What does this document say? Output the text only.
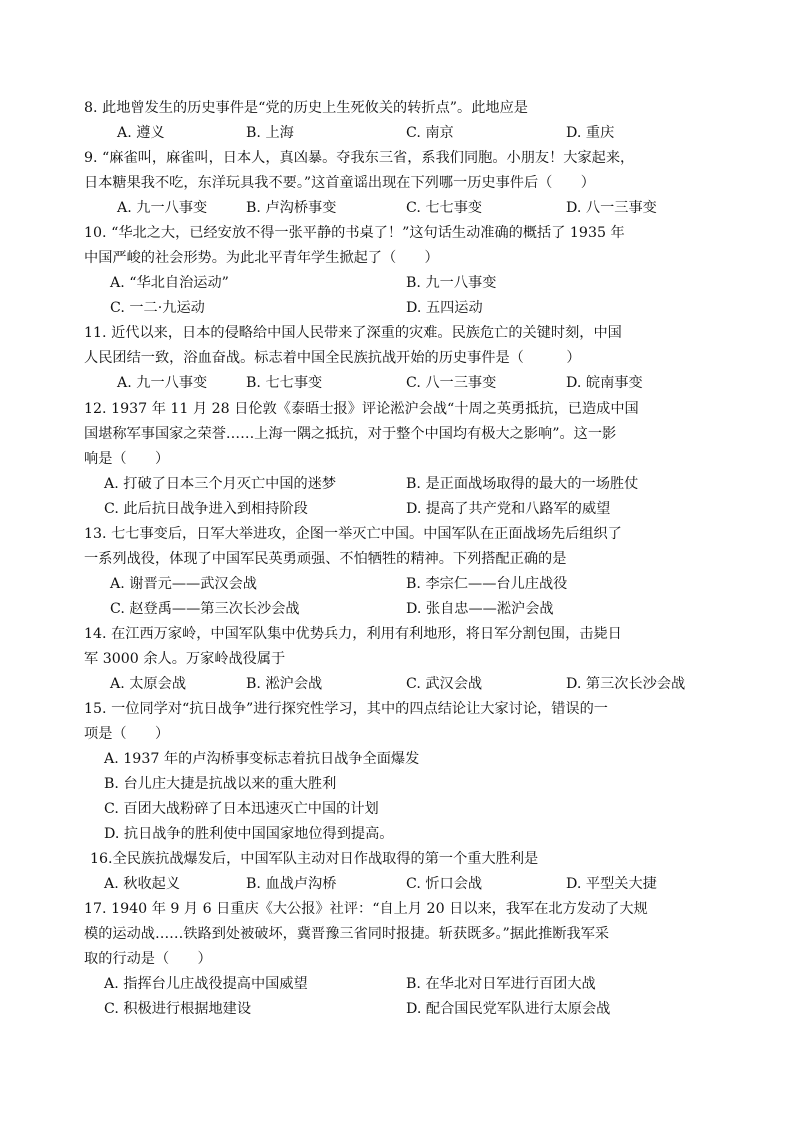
8. 此地曾发生的历史事件是“党的历史上生死攸关的转折点”。此地应是
A. 遵义	B. 上海	C. 南京	D. 重庆
9. “麻雀叫，麻雀叫，日本人，真凶暴。夺我东三省，系我们同胞。小朋友！大家起来，
日本糖果我不吃，东洋玩具我不要。”这首童谣出现在下列哪一历史事件后（　　）
A. 九一八事变	B. 卢沟桥事变	C. 七七事变	D. 八一三事变
10. “华北之大，已经安放不得一张平静的书桌了！”这句话生动准确的概括了 1935 年
中国严峻的社会形势。为此北平青年学生掀起了（　　）
A. “华北自治运动”	B. 九一八事变
C. 一二·九运动	D. 五四运动
11. 近代以来，日本的侵略给中国人民带来了深重的灾难。民族危亡的关键时刻，中国
人民团结一致，浴血奋战。标志着中国全民族抗战开始的历史事件是（　　　）
A. 九一八事变	B. 七七事变	C. 八一三事变	D. 皖南事变
12. 1937 年 11 月 28 日伦敦《泰晤士报》评论淞沪会战“十周之英勇抵抗，已造成中国
国堪称军事国家之荣誉……上海一隅之抵抗，对于整个中国均有极大之影响”。这一影
响是（　　）
A. 打破了日本三个月灭亡中国的迷梦	B. 是正面战场取得的最大的一场胜仗
C. 此后抗日战争进入到相持阶段	D. 提高了共产党和八路军的威望
13. 七七事变后，日军大举进攻，企图一举灭亡中国。中国军队在正面战场先后组织了
一系列战役，体现了中国军民英勇顽强、不怕牺牲的精神。下列搭配正确的是
A. 谢晋元——武汉会战	B. 李宗仁——台儿庄战役
C. 赵登禹——第三次长沙会战	D. 张自忠——淞沪会战
14. 在江西万家岭，中国军队集中优势兵力，利用有利地形，将日军分割包围，击毙日
军 3000 余人。万家岭战役属于
A. 太原会战	B. 淞沪会战	C. 武汉会战	D. 第三次长沙会战
15. 一位同学对“抗日战争”进行探究性学习，其中的四点结论让大家讨论，错误的一
项是（　　）
A. 1937 年的卢沟桥事变标志着抗日战争全面爆发
B. 台儿庄大捷是抗战以来的重大胜利
C. 百团大战粉碎了日本迅速灭亡中国的计划
D. 抗日战争的胜利使中国国家地位得到提高。
16.全民族抗战爆发后，中国军队主动对日作战取得的第一个重大胜利是
A. 秋收起义	B. 血战卢沟桥	C. 忻口会战	D. 平型关大捷
17. 1940 年 9 月 6 日重庆《大公报》社评：“自上月 20 日以来，我军在北方发动了大规
模的运动战……铁路到处被破坏，冀晋豫三省同时报捷。斩获既多。”据此推断我军采
取的行动是（　　）
A. 指挥台儿庄战役提高中国威望	B. 在华北对日军进行百团大战
C. 积极进行根据地建设	D. 配合国民党军队进行太原会战
